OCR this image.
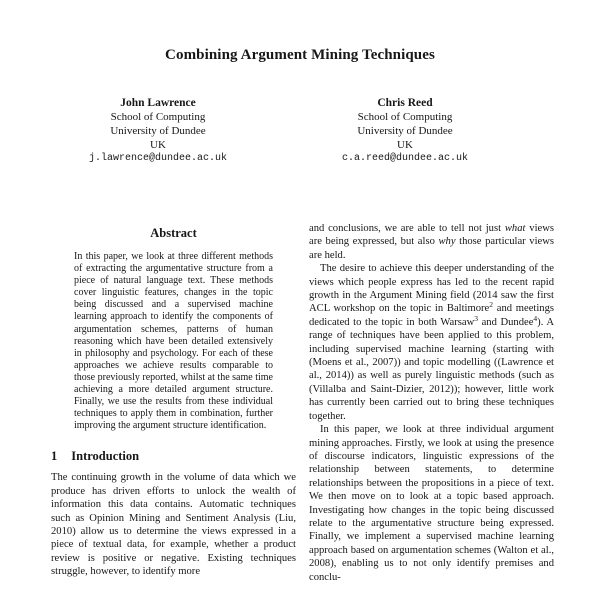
Combining Argument Mining Techniques
John Lawrence
School of Computing
University of Dundee
UK
j.lawrence@dundee.ac.uk
Chris Reed
School of Computing
University of Dundee
UK
c.a.reed@dundee.ac.uk
Abstract

In this paper, we look at three different methods of extracting the argumentative structure from a piece of natural language text. These methods cover linguistic features, changes in the topic being discussed and a supervised machine learning approach to identify the components of argumentation schemes, patterns of human reasoning which have been detailed extensively in philosophy and psychology. For each of these approaches we achieve results comparable to those previously reported, whilst at the same time achieving a more detailed argument structure. Finally, we use the results from these individual techniques to apply them in combination, further improving the argument structure identification.

1 Introduction

The continuing growth in the volume of data which we produce has driven efforts to unlock the wealth of information this data contains. Automatic techniques such as Opinion Mining and Sentiment Analysis (Liu, 2010) allow us to determine the views expressed in a piece of textual data, for example, whether a product review is positive or negative. Existing techniques struggle, however, to identify more

and conclusions, we are able to tell not just what views are being expressed, but also why those particular views are held.

The desire to achieve this deeper understanding of the views which people express has led to the recent rapid growth in the Argument Mining field (2014 saw the first ACL workshop on the topic in Baltimore$^2$ and meetings dedicated to the topic in both Warsaw$^3$ and Dundee$^4$). A range of techniques have been applied to this problem, including supervised machine learning (starting with (Moens et al., 2007)) and topic modelling ((Lawrence et al., 2014)) as well as purely linguistic methods (such as (Villalba and Saint-Dizier, 2012)); however, little work has currently been carried out to bring these techniques together.

In this paper, we look at three individual argument mining approaches. Firstly, we look at using the presence of discourse indicators, linguistic expressions of the relationship between statements, to determine relationships between the propositions in a piece of text. We then move on to look at a topic based approach. Investigating how changes in the topic being discussed relate to the argumentative structure being expressed. Finally, we implement a supervised machine learning approach based on argumentation schemes (Walton et al., 2008), enabling us to not only identify premises and conclu-
